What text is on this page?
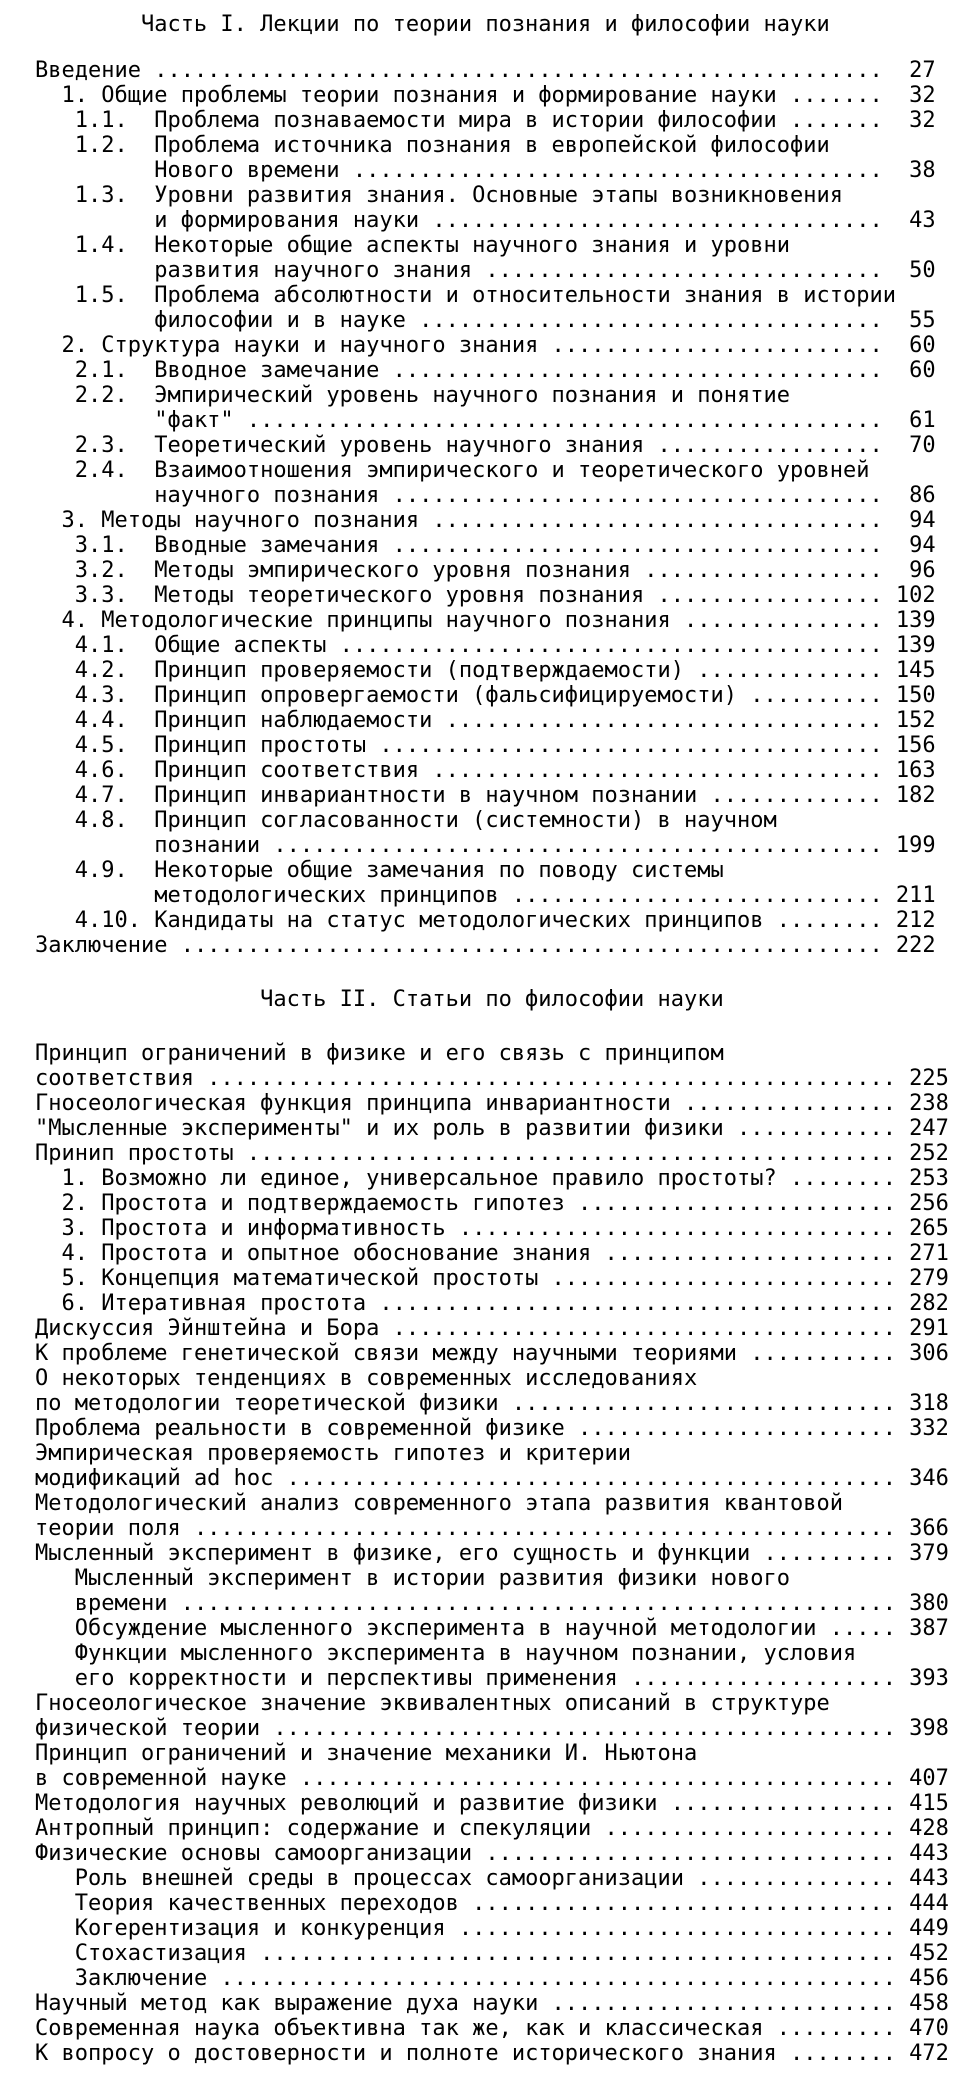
Часть I. Лекции по теории познания и философии науки
Введение .......................................................  27
1. Общие проблемы теории познания и формирование науки .......  32
1.1.  Проблема познаваемости мира в истории философии .......  32
1.2.  Проблема источника познания в европейской философии
Нового времени ........................................  38
1.3.  Уровни развития знания. Основные этапы возникновения
и формирования науки ..................................  43
1.4.  Некоторые общие аспекты научного знания и уровни
развития научного знания ..............................  50
1.5.  Проблема абсолютности и относительности знания в истории
философии и в науке ...................................  55
2. Структура науки и научного знания .........................  60
2.1.  Вводное замечание .....................................  60
2.2.  Эмпирический уровень научного познания и понятие
"факт" ................................................  61
2.3.  Теоретический уровень научного знания .................  70
2.4.  Взаимоотношения эмпирического и теоретического уровней
научного познания .....................................  86
3. Методы научного познания ..................................  94
3.1.  Вводные замечания .....................................  94
3.2.  Методы эмпирического уровня познания ..................  96
3.3.  Методы теоретического уровня познания ................. 102
4. Методологические принципы научного познания ............... 139
4.1.  Общие аспекты ......................................... 139
4.2.  Принцип проверяемости (подтверждаемости) .............. 145
4.3.  Принцип опровергаемости (фальсифицируемости) .......... 150
4.4.  Принцип наблюдаемости ................................. 152
4.5.  Принцип простоты ...................................... 156
4.6.  Принцип соответствия .................................. 163
4.7.  Принцип инвариантности в научном познании ............. 182
4.8.  Принцип согласованности (системности) в научном
познании .............................................. 199
4.9.  Некоторые общие замечания по поводу системы
методологических принципов ............................ 211
4.10. Кандидаты на статус методологических принципов ........ 212
Заключение ..................................................... 222
Часть II. Статьи по философии науки
Принцип ограничений в физике и его связь с принципом
соответствия .................................................... 225
Гносеологическая функция принципа инвариантности ................ 238
"Мысленные эксперименты" и их роль в развитии физики ............ 247
Принип простоты ................................................. 252
1. Возможно ли единое, универсальное правило простоты? ........ 253
2. Простота и подтверждаемость гипотез ........................ 256
3. Простота и информативность ................................. 265
4. Простота и опытное обоснование знания ...................... 271
5. Концепция математической простоты .......................... 279
6. Итеративная простота ....................................... 282
Дискуссия Эйнштейна и Бора ...................................... 291
К проблеме генетической связи между научными теориями ........... 306
О некоторых тенденциях в современных исследованиях
по методологии теоретической физики ............................. 318
Проблема реальности в современной физике ........................ 332
Эмпирическая проверяемость гипотез и критерии
модификаций ad hoc .............................................. 346
Методологический анализ современного этапа развития квантовой
теории поля ..................................................... 366
Мысленный эксперимент в физике, его сущность и функции .......... 379
Мысленный эксперимент в истории развития физики нового
времени ...................................................... 380
Обсуждение мысленного эксперимента в научной методологии ..... 387
Функции мысленного эксперимента в научном познании, условия
его корректности и перспективы применения .................... 393
Гносеологическое значение эквивалентных описаний в структуре
физической теории ............................................... 398
Принцип ограничений и значение механики И. Ньютона
в современной науке ............................................. 407
Методология научных революций и развитие физики ................. 415
Антропный принцип: содержание и спекуляции ...................... 428
Физические основы самоорганизации ............................... 443
Роль внешней среды в процессах самоорганизации ............... 443
Теория качественных переходов ................................ 444
Когерентизация и конкуренция ................................. 449
Стохастизация ................................................ 452
Заключение ................................................... 456
Научный метод как выражение духа науки .......................... 458
Современная наука объективна так же, как и классическая ......... 470
К вопросу о достоверности и полноте исторического знания ........ 472
